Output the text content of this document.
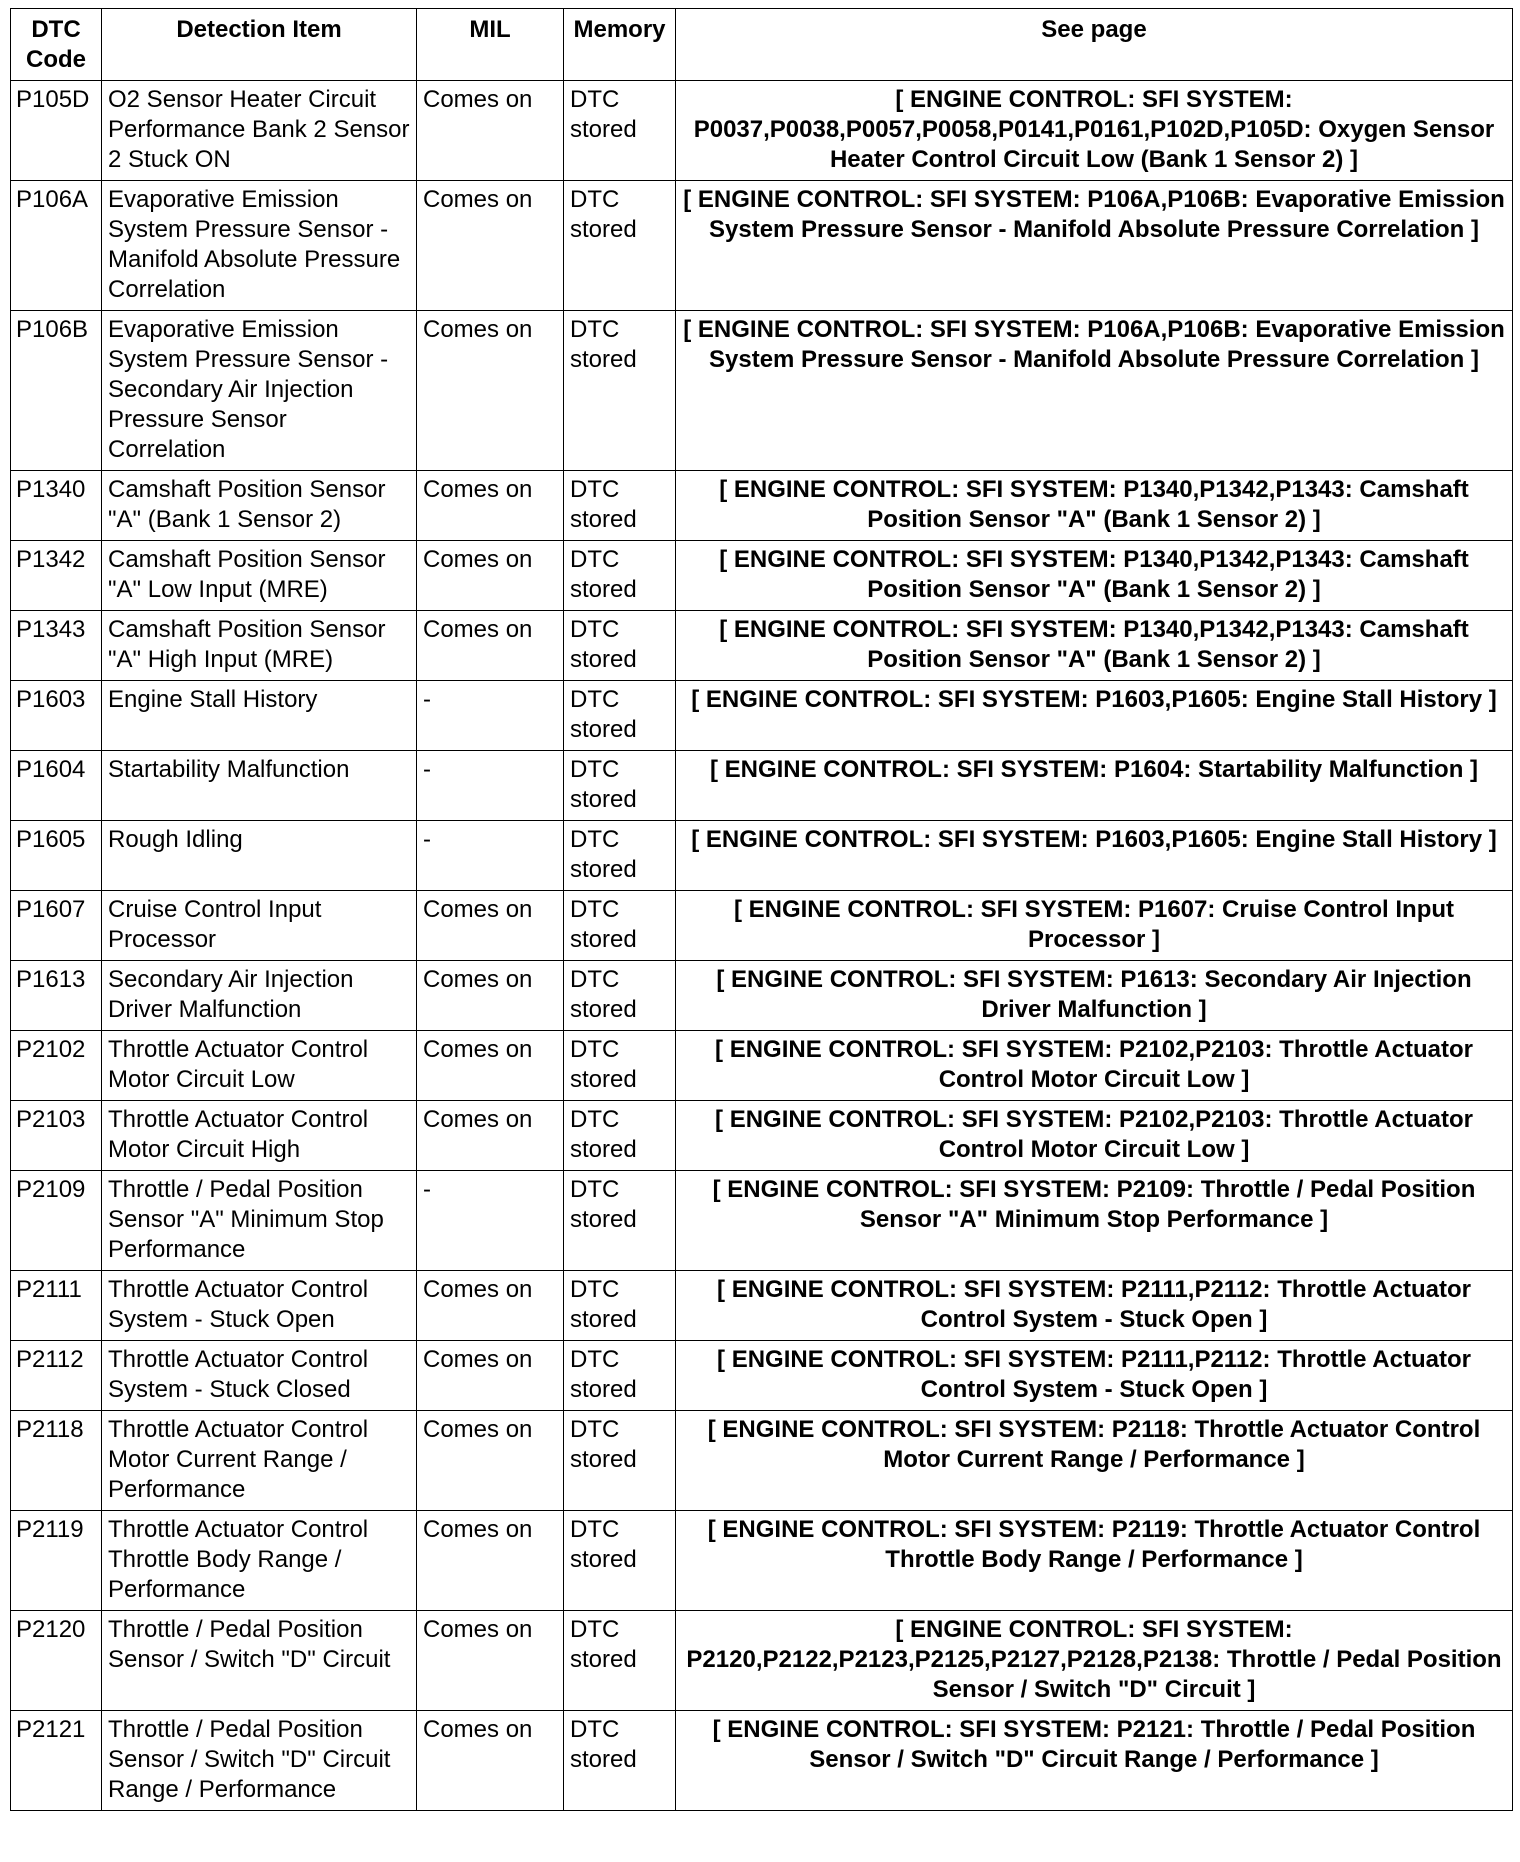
DTC Code	Detection Item	MIL	Memory	See page
P105D	O2 Sensor Heater Circuit Performance Bank 2 Sensor 2 Stuck ON	Comes on	DTC stored	[ ENGINE CONTROL: SFI SYSTEM: P0037,P0038,P0057,P0058,P0141,P0161,P102D,P105D: Oxygen Sensor Heater Control Circuit Low (Bank 1 Sensor 2) ]
P106A	Evaporative Emission System Pressure Sensor - Manifold Absolute Pressure Correlation	Comes on	DTC stored	[ ENGINE CONTROL: SFI SYSTEM: P106A,P106B: Evaporative Emission System Pressure Sensor - Manifold Absolute Pressure Correlation ]
P106B	Evaporative Emission System Pressure Sensor - Secondary Air Injection Pressure Sensor Correlation	Comes on	DTC stored	[ ENGINE CONTROL: SFI SYSTEM: P106A,P106B: Evaporative Emission System Pressure Sensor - Manifold Absolute Pressure Correlation ]
P1340	Camshaft Position Sensor "A" (Bank 1 Sensor 2)	Comes on	DTC stored	[ ENGINE CONTROL: SFI SYSTEM: P1340,P1342,P1343: Camshaft Position Sensor "A" (Bank 1 Sensor 2) ]
P1342	Camshaft Position Sensor "A" Low Input (MRE)	Comes on	DTC stored	[ ENGINE CONTROL: SFI SYSTEM: P1340,P1342,P1343: Camshaft Position Sensor "A" (Bank 1 Sensor 2) ]
P1343	Camshaft Position Sensor "A" High Input (MRE)	Comes on	DTC stored	[ ENGINE CONTROL: SFI SYSTEM: P1340,P1342,P1343: Camshaft Position Sensor "A" (Bank 1 Sensor 2) ]
P1603	Engine Stall History	-	DTC stored	[ ENGINE CONTROL: SFI SYSTEM: P1603,P1605: Engine Stall History ]
P1604	Startability Malfunction	-	DTC stored	[ ENGINE CONTROL: SFI SYSTEM: P1604: Startability Malfunction ]
P1605	Rough Idling	-	DTC stored	[ ENGINE CONTROL: SFI SYSTEM: P1603,P1605: Engine Stall History ]
P1607	Cruise Control Input Processor	Comes on	DTC stored	[ ENGINE CONTROL: SFI SYSTEM: P1607: Cruise Control Input Processor ]
P1613	Secondary Air Injection Driver Malfunction	Comes on	DTC stored	[ ENGINE CONTROL: SFI SYSTEM: P1613: Secondary Air Injection Driver Malfunction ]
P2102	Throttle Actuator Control Motor Circuit Low	Comes on	DTC stored	[ ENGINE CONTROL: SFI SYSTEM: P2102,P2103: Throttle Actuator Control Motor Circuit Low ]
P2103	Throttle Actuator Control Motor Circuit High	Comes on	DTC stored	[ ENGINE CONTROL: SFI SYSTEM: P2102,P2103: Throttle Actuator Control Motor Circuit Low ]
P2109	Throttle / Pedal Position Sensor "A" Minimum Stop Performance	-	DTC stored	[ ENGINE CONTROL: SFI SYSTEM: P2109: Throttle / Pedal Position Sensor "A" Minimum Stop Performance ]
P2111	Throttle Actuator Control System - Stuck Open	Comes on	DTC stored	[ ENGINE CONTROL: SFI SYSTEM: P2111,P2112: Throttle Actuator Control System - Stuck Open ]
P2112	Throttle Actuator Control System - Stuck Closed	Comes on	DTC stored	[ ENGINE CONTROL: SFI SYSTEM: P2111,P2112: Throttle Actuator Control System - Stuck Open ]
P2118	Throttle Actuator Control Motor Current Range / Performance	Comes on	DTC stored	[ ENGINE CONTROL: SFI SYSTEM: P2118: Throttle Actuator Control Motor Current Range / Performance ]
P2119	Throttle Actuator Control Throttle Body Range / Performance	Comes on	DTC stored	[ ENGINE CONTROL: SFI SYSTEM: P2119: Throttle Actuator Control Throttle Body Range / Performance ]
P2120	Throttle / Pedal Position Sensor / Switch "D" Circuit	Comes on	DTC stored	[ ENGINE CONTROL: SFI SYSTEM: P2120,P2122,P2123,P2125,P2127,P2128,P2138: Throttle / Pedal Position Sensor / Switch "D" Circuit ]
P2121	Throttle / Pedal Position Sensor / Switch "D" Circuit Range / Performance	Comes on	DTC stored	[ ENGINE CONTROL: SFI SYSTEM: P2121: Throttle / Pedal Position Sensor / Switch "D" Circuit Range / Performance ]
